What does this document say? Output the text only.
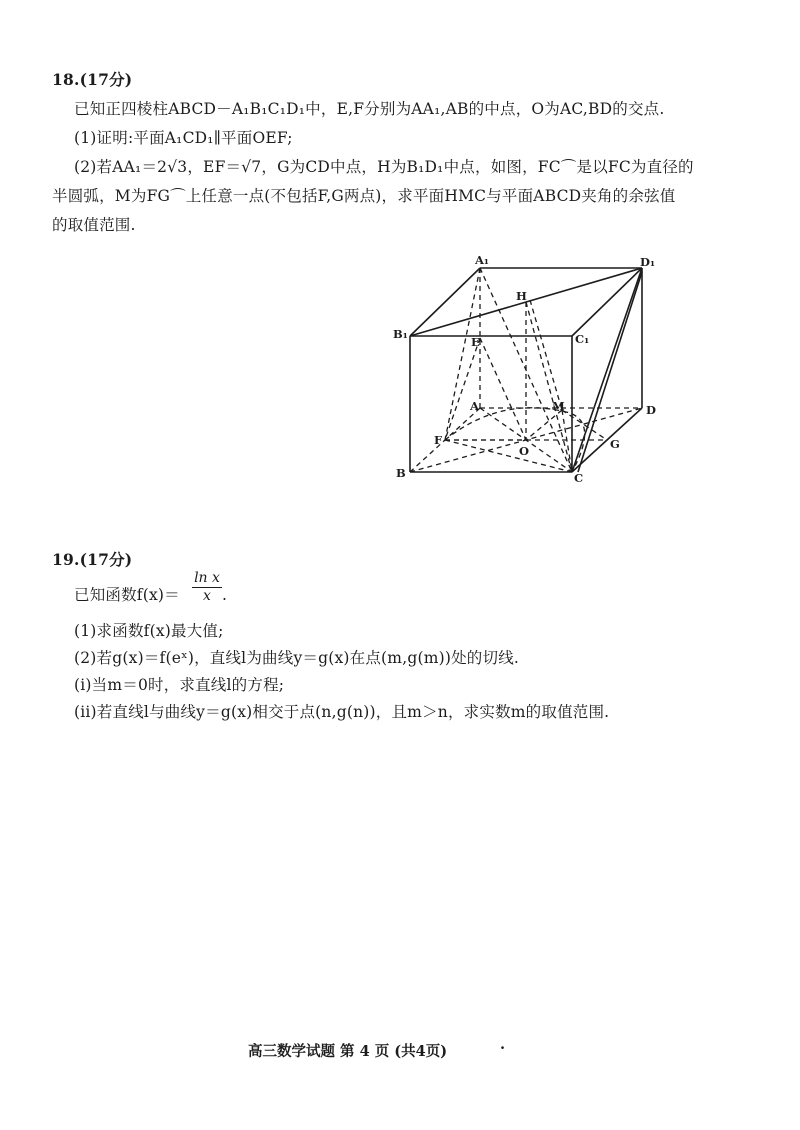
18.(17分)
已知正四棱柱ABCD－A₁B₁C₁D₁中，E,F分别为AA₁,AB的中点，O为AC,BD的交点.
(1)证明:平面A₁CD₁∥平面OEF;
(2)若AA₁＝2√3，EF＝√7，G为CD中点，H为B₁D₁中点，如图，FC⌒是以FC为直径的
半圆弧，M为FG⌒上任意一点(不包括F,G两点)，求平面HMC与平面ABCD夹角的余弦值
的取值范围.
A₁	D₁
B₁	C₁
H
E
A	M	D
F
O	G
B	C
19.(17分)
已知函数$f(x)= \frac{\text{ln x}}{x}$ .
(1)求函数f(x)最大值;
(2)若g(x)＝f(eˣ)，直线l为曲线y＝g(x)在点(m,g(m))处的切线.
(i)当m＝0时，求直线l的方程;
(ii)若直线l与曲线y＝g(x)相交于点(n,g(n))，且m＞n，求实数m的取值范围.
高三数学试题 第 4 页 (共4页)	·
